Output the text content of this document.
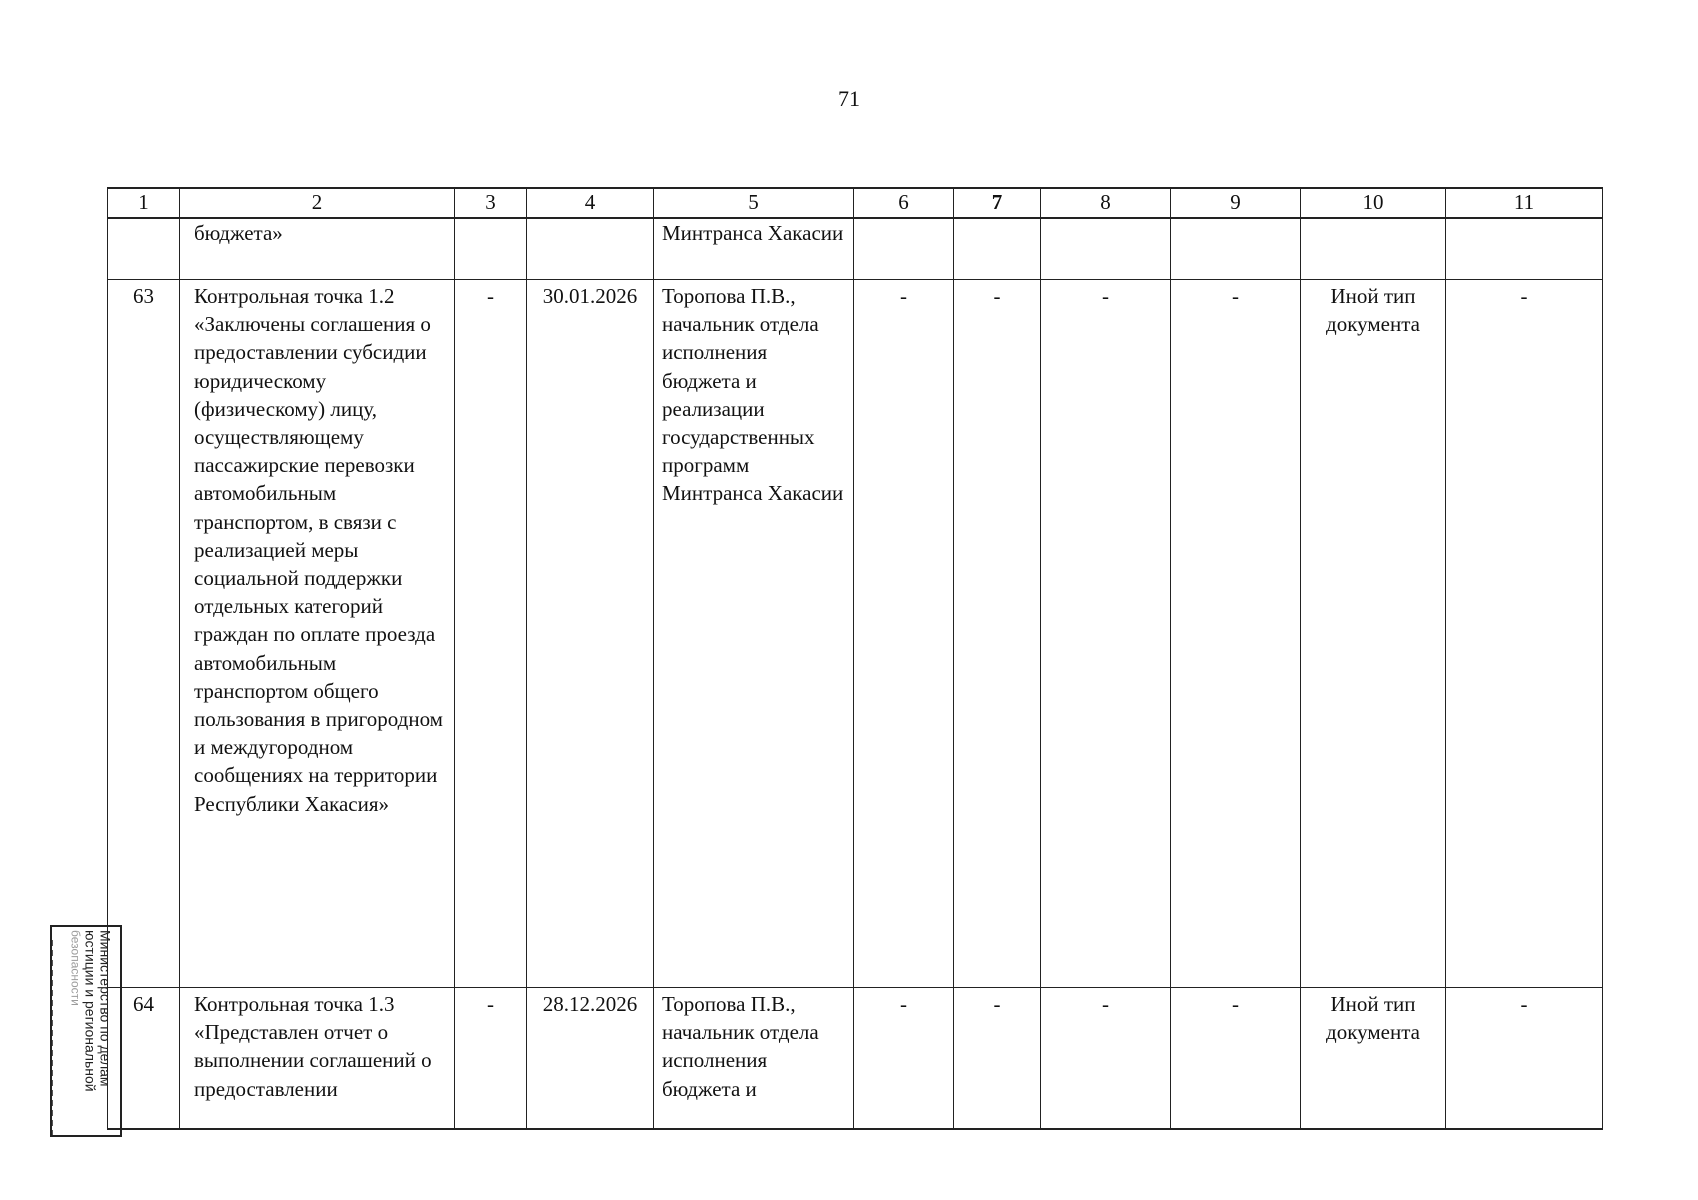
71
1	2	3	4	5	6	7	8	9	10	11
	бюджета»			Минтранса Хакасии						
63	Контрольная точка 1.2 «Заключены соглашения о предоставлении субсидии юридическому (физическому) лицу, осуществляющему пассажирские перевозки автомобильным транспортом, в связи с реализацией меры социальной поддержки отдельных категорий граждан по оплате проезда автомобильным транспортом общего пользования в пригородном и междугородном сообщениях на территории Республики Хакасия»	-	30.01.2026	Торопова П.В., начальник отдела исполнения бюджета и реализации государственных программ Минтранса Хакасии	-	-	-	-	Иной тип документа	-
64	Контрольная точка 1.3 «Представлен отчет о выполнении соглашений о предоставлении	-	28.12.2026	Торопова П.В., начальник отдела исполнения бюджета и	-	-	-	-	Иной тип документа	-
Министерство по делам
юстиции и региональной
безопасности
